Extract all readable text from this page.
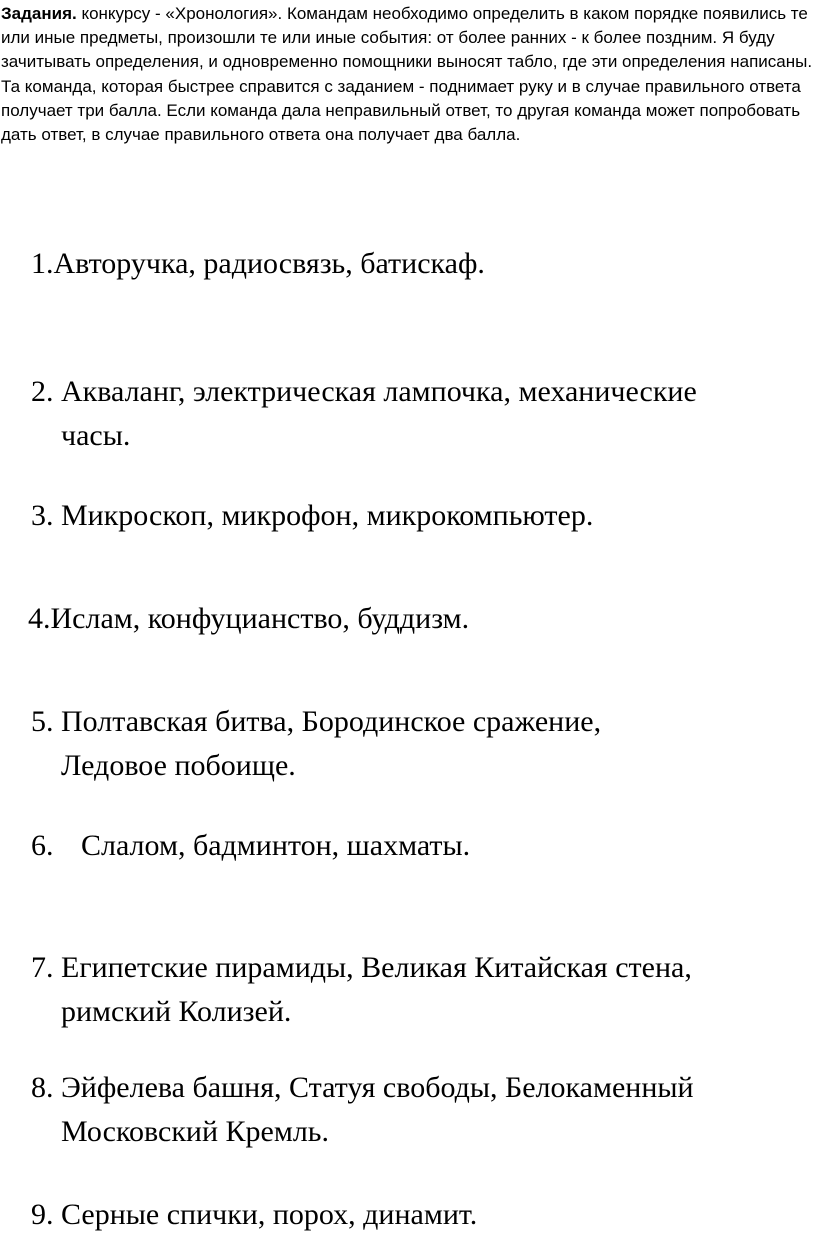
Задания. конкурсу - «Хронология». Командам необходимо определить в каком порядке появились те или иные предметы, произошли те или иные события: от более ранних - к более поздним. Я буду зачитывать определения, и одновременно помощники выносят табло, где эти определения написаны. Та команда, которая быстрее справится с заданием - поднимает руку и в случае правильного ответа получает три балла. Если команда дала неправильный ответ, то другая команда может попробовать дать ответ, в случае правильного ответа она получает два балла.

1.Авторучка, радиосвязь, батискаф.
2. Акваланг, электрическая лампочка, механические
часы.
3. Микроскоп, микрофон, микрокомпьютер.
4.Ислам, конфуцианство, буддизм.
5. Полтавская битва, Бородинское сражение,
Ледовое побоище.
6. Слалом, бадминтон, шахматы.
7. Египетские пирамиды, Великая Китайская стена,
римский Колизей.
8. Эйфелева башня, Статуя свободы, Белокаменный
Московский Кремль.
9. Серные спички, порох, динамит.
